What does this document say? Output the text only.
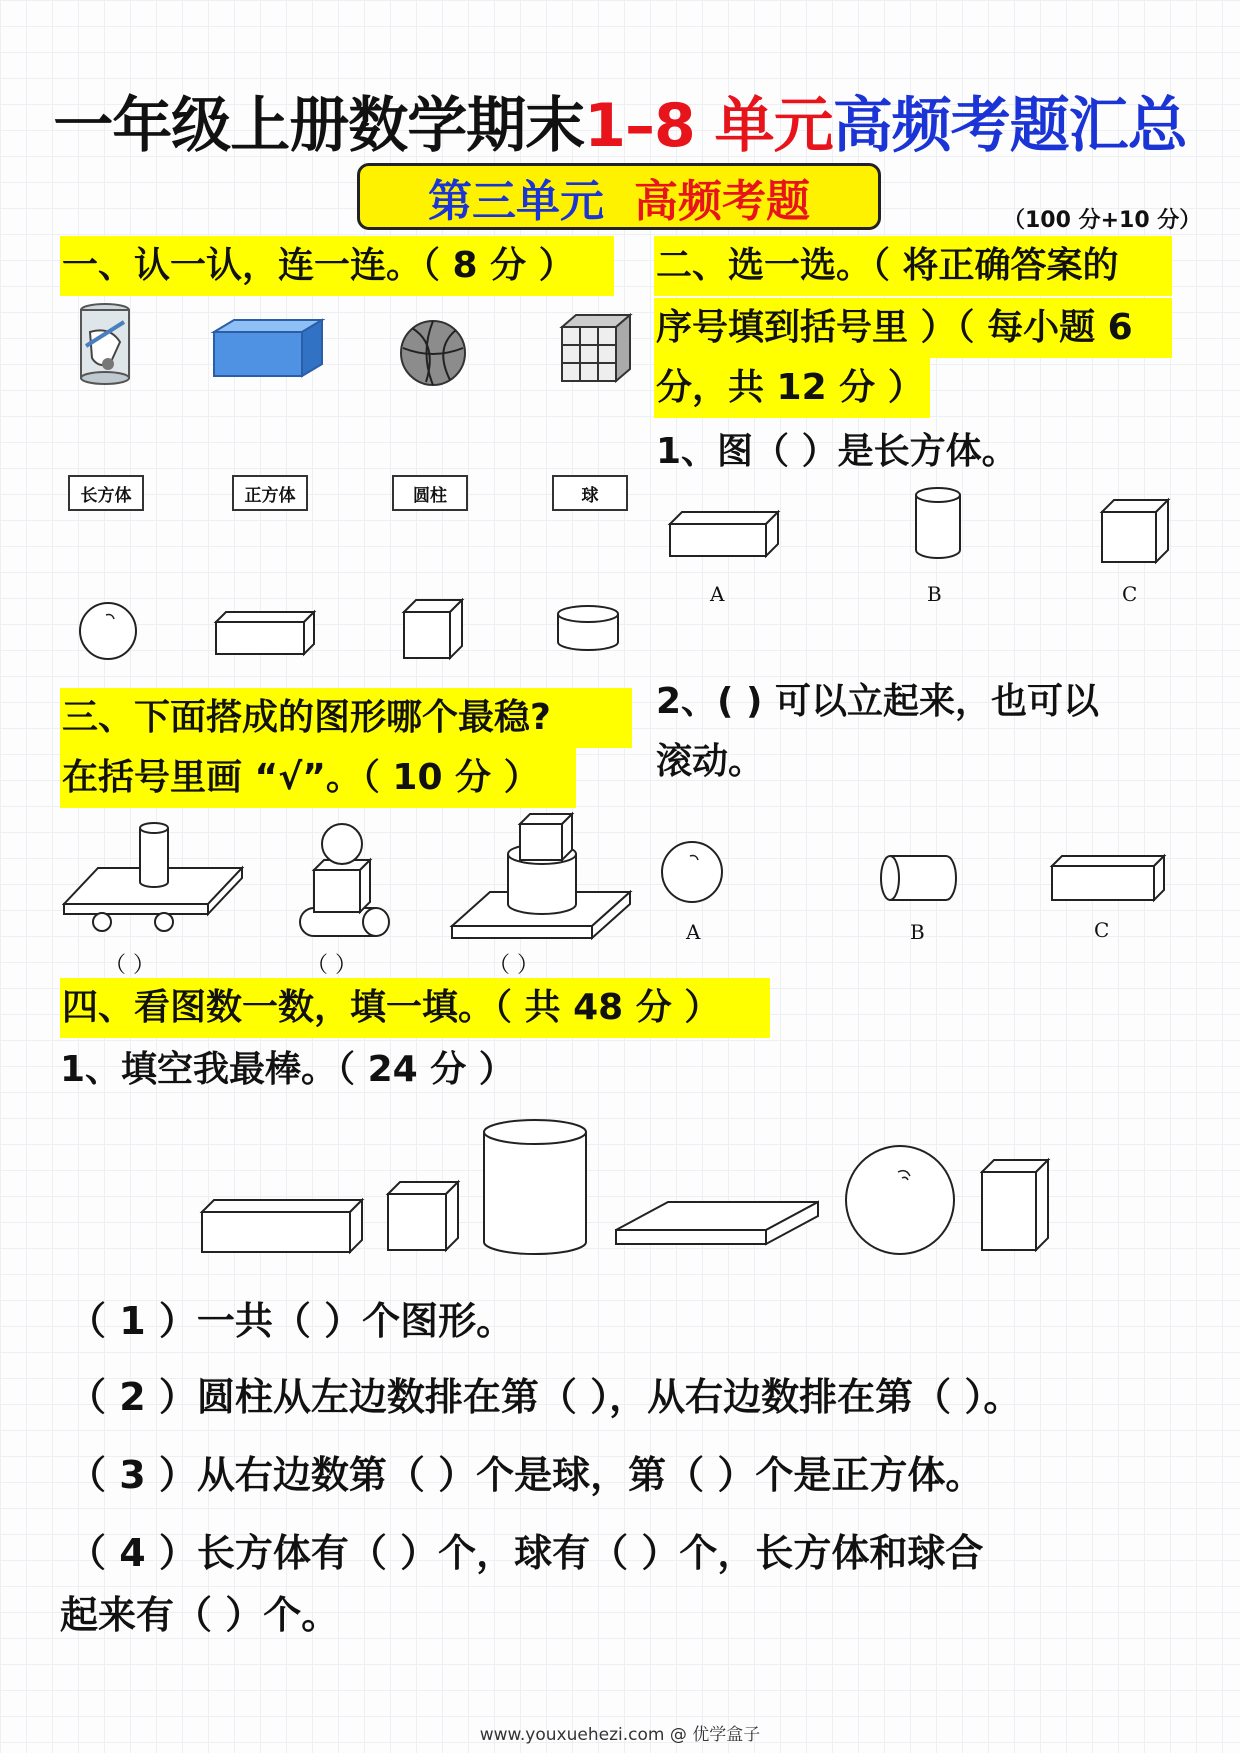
一年级上册数学期末1–8 单元高频考题汇总
第三单元 高频考题	（100 分+10 分）
一、认一认，连一连。（ 8 分 ）
长方体	正方体	圆柱	球
二、选一选。（ 将正确答案的
序号填到括号里 ）（ 每小题 6
分，共 12 分 ）
1、图（ ）是长方体。
A	B	C
2、( ) 可以立起来，也可以
滚动。
A	B	C
三、下面搭成的图形哪个最稳?
在括号里画 “√”。（ 10 分 ）
（ ）	（ ）	（ ）
四、看图数一数，填一填。（ 共 48 分 ）
1、填空我最棒。（ 24 分 ）
（ 1 ）一共（ ）个图形。
（ 2 ）圆柱从左边数排在第（ ），从右边数排在第（ ）。
（ 3 ）从右边数第（ ）个是球，第（ ）个是正方体。
（ 4 ）长方体有（ ）个，球有（ ）个，长方体和球合
起来有（ ）个。
www.youxuehezi.com @ 优学盒子
